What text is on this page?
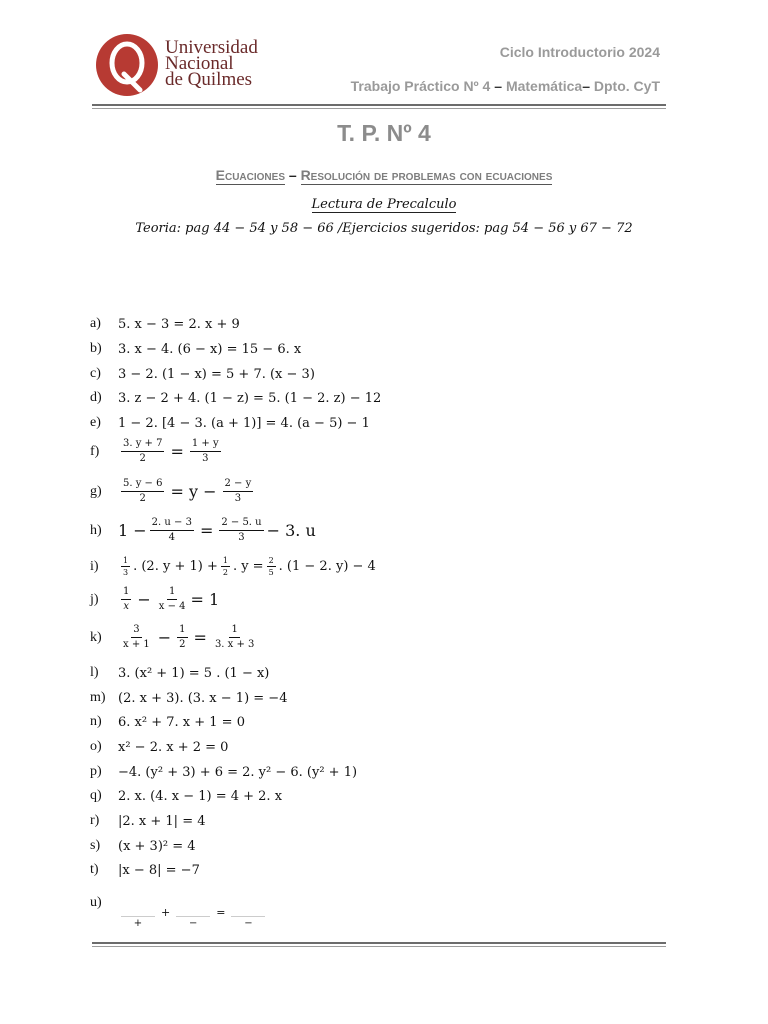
Universidad
Nacional
de Quilmes
Ciclo Introductorio 2024
Trabajo Práctico Nº 4 – Matemática– Dpto. CyT
T. P. Nº 4
Ecuaciones – Resolución de problemas con ecuaciones
Lectura de Precalculo
Teoria: pag 44 − 54 y 58 − 66 /Ejercicios sugeridos: pag 54 − 56 y 67 − 72
a)	5. x − 3 = 2. x + 9
b)	3. x − 4. (6 − x) = 15 − 6. x
c)	3 − 2. (1 − x) = 5 + 7. (x − 3)
d)	3. z − 2 + 4. (1 − z) = 5. (1 − 2. z) − 12
e)	1 − 2. [4 − 3. (a + 1)] = 4. (a − 5) − 1
f)	$\frac{3. y + 7}{2} = \frac{1 + y}{3}$
g)	$\frac{5. y - 6}{2} = y - \frac{2 - y}{3}$
h)	$1 - \frac{2. u - 3}{4} = \frac{2 - 5. u}{3} - 3$. u
i)	$\frac{1}{3}$ . (2. $y + 1) + \frac{1}{2}$ . $y = \frac{2}{5}$ . (1 − 2. y) − 4
j)	$\frac{1}{x} - \frac{1}{x - 4} = 1$
k)	$\frac{3}{x + 1} - \frac{1}{2} = \frac{1}{3. x + 3}$
l)	3. (x² + 1) = 5 . (1 − x)
m) (2. x + 3). (3. x − 1) = −4
n)	6. x² + 7. x + 1 = 0
o)	x² − 2. x + 2 = 0
p)	−4. (y² + 3) + 6 = 2. y² − 6. (y² + 1)
q)	2. x. (4. x − 1) = 4 + 2. x
r)	|2. x + 1| = 4
s)	(x + 3)² = 4
t)	|x − 8| = −7
u)

+
+

−
=

−
